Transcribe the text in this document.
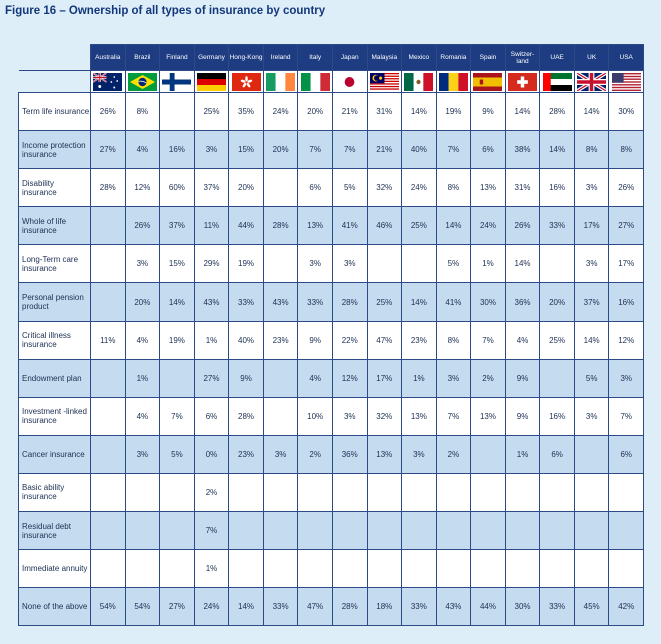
Figure 16 – Ownership of all types of insurance by country
	Australia	Brazil	Finland	Germany	Hong-Kong	Ireland	Italy	Japan	Malaysia	Mexico	Romania	Spain	Switzer-land	UAE	UK	USA

Term life insurance	26%	8%		25%	35%	24%	20%	21%	31%	14%	19%	9%	14%	28%	14%	30%
Income protection insurance	27%	4%	16%	3%	15%	20%	7%	7%	21%	40%	7%	6%	38%	14%	8%	8%
Disability insurance	28%	12%	60%	37%	20%		6%	5%	32%	24%	8%	13%	31%	16%	3%	26%
Whole of life insurance		26%	37%	11%	44%	28%	13%	41%	46%	25%	14%	24%	26%	33%	17%	27%
Long-Term care insurance		3%	15%	29%	19%		3%	3%			5%	1%	14%		3%	17%
Personal pension product		20%	14%	43%	33%	43%	33%	28%	25%	14%	41%	30%	36%	20%	37%	16%
Critical illness insurance	11%	4%	19%	1%	40%	23%	9%	22%	47%	23%	8%	7%	4%	25%	14%	12%
Endowment plan		1%		27%	9%		4%	12%	17%	1%	3%	2%	9%		5%	3%
Investment -linked insurance		4%	7%	6%	28%		10%	3%	32%	13%	7%	13%	9%	16%	3%	7%
Cancer insurance		3%	5%	0%	23%	3%	2%	36%	13%	3%	2%		1%	6%		6%
Basic ability insurance				2%												
Residual debt insurance				7%												
Immediate annuity				1%												
None of the above	54%	54%	27%	24%	14%	33%	47%	28%	18%	33%	43%	44%	30%	33%	45%	42%
